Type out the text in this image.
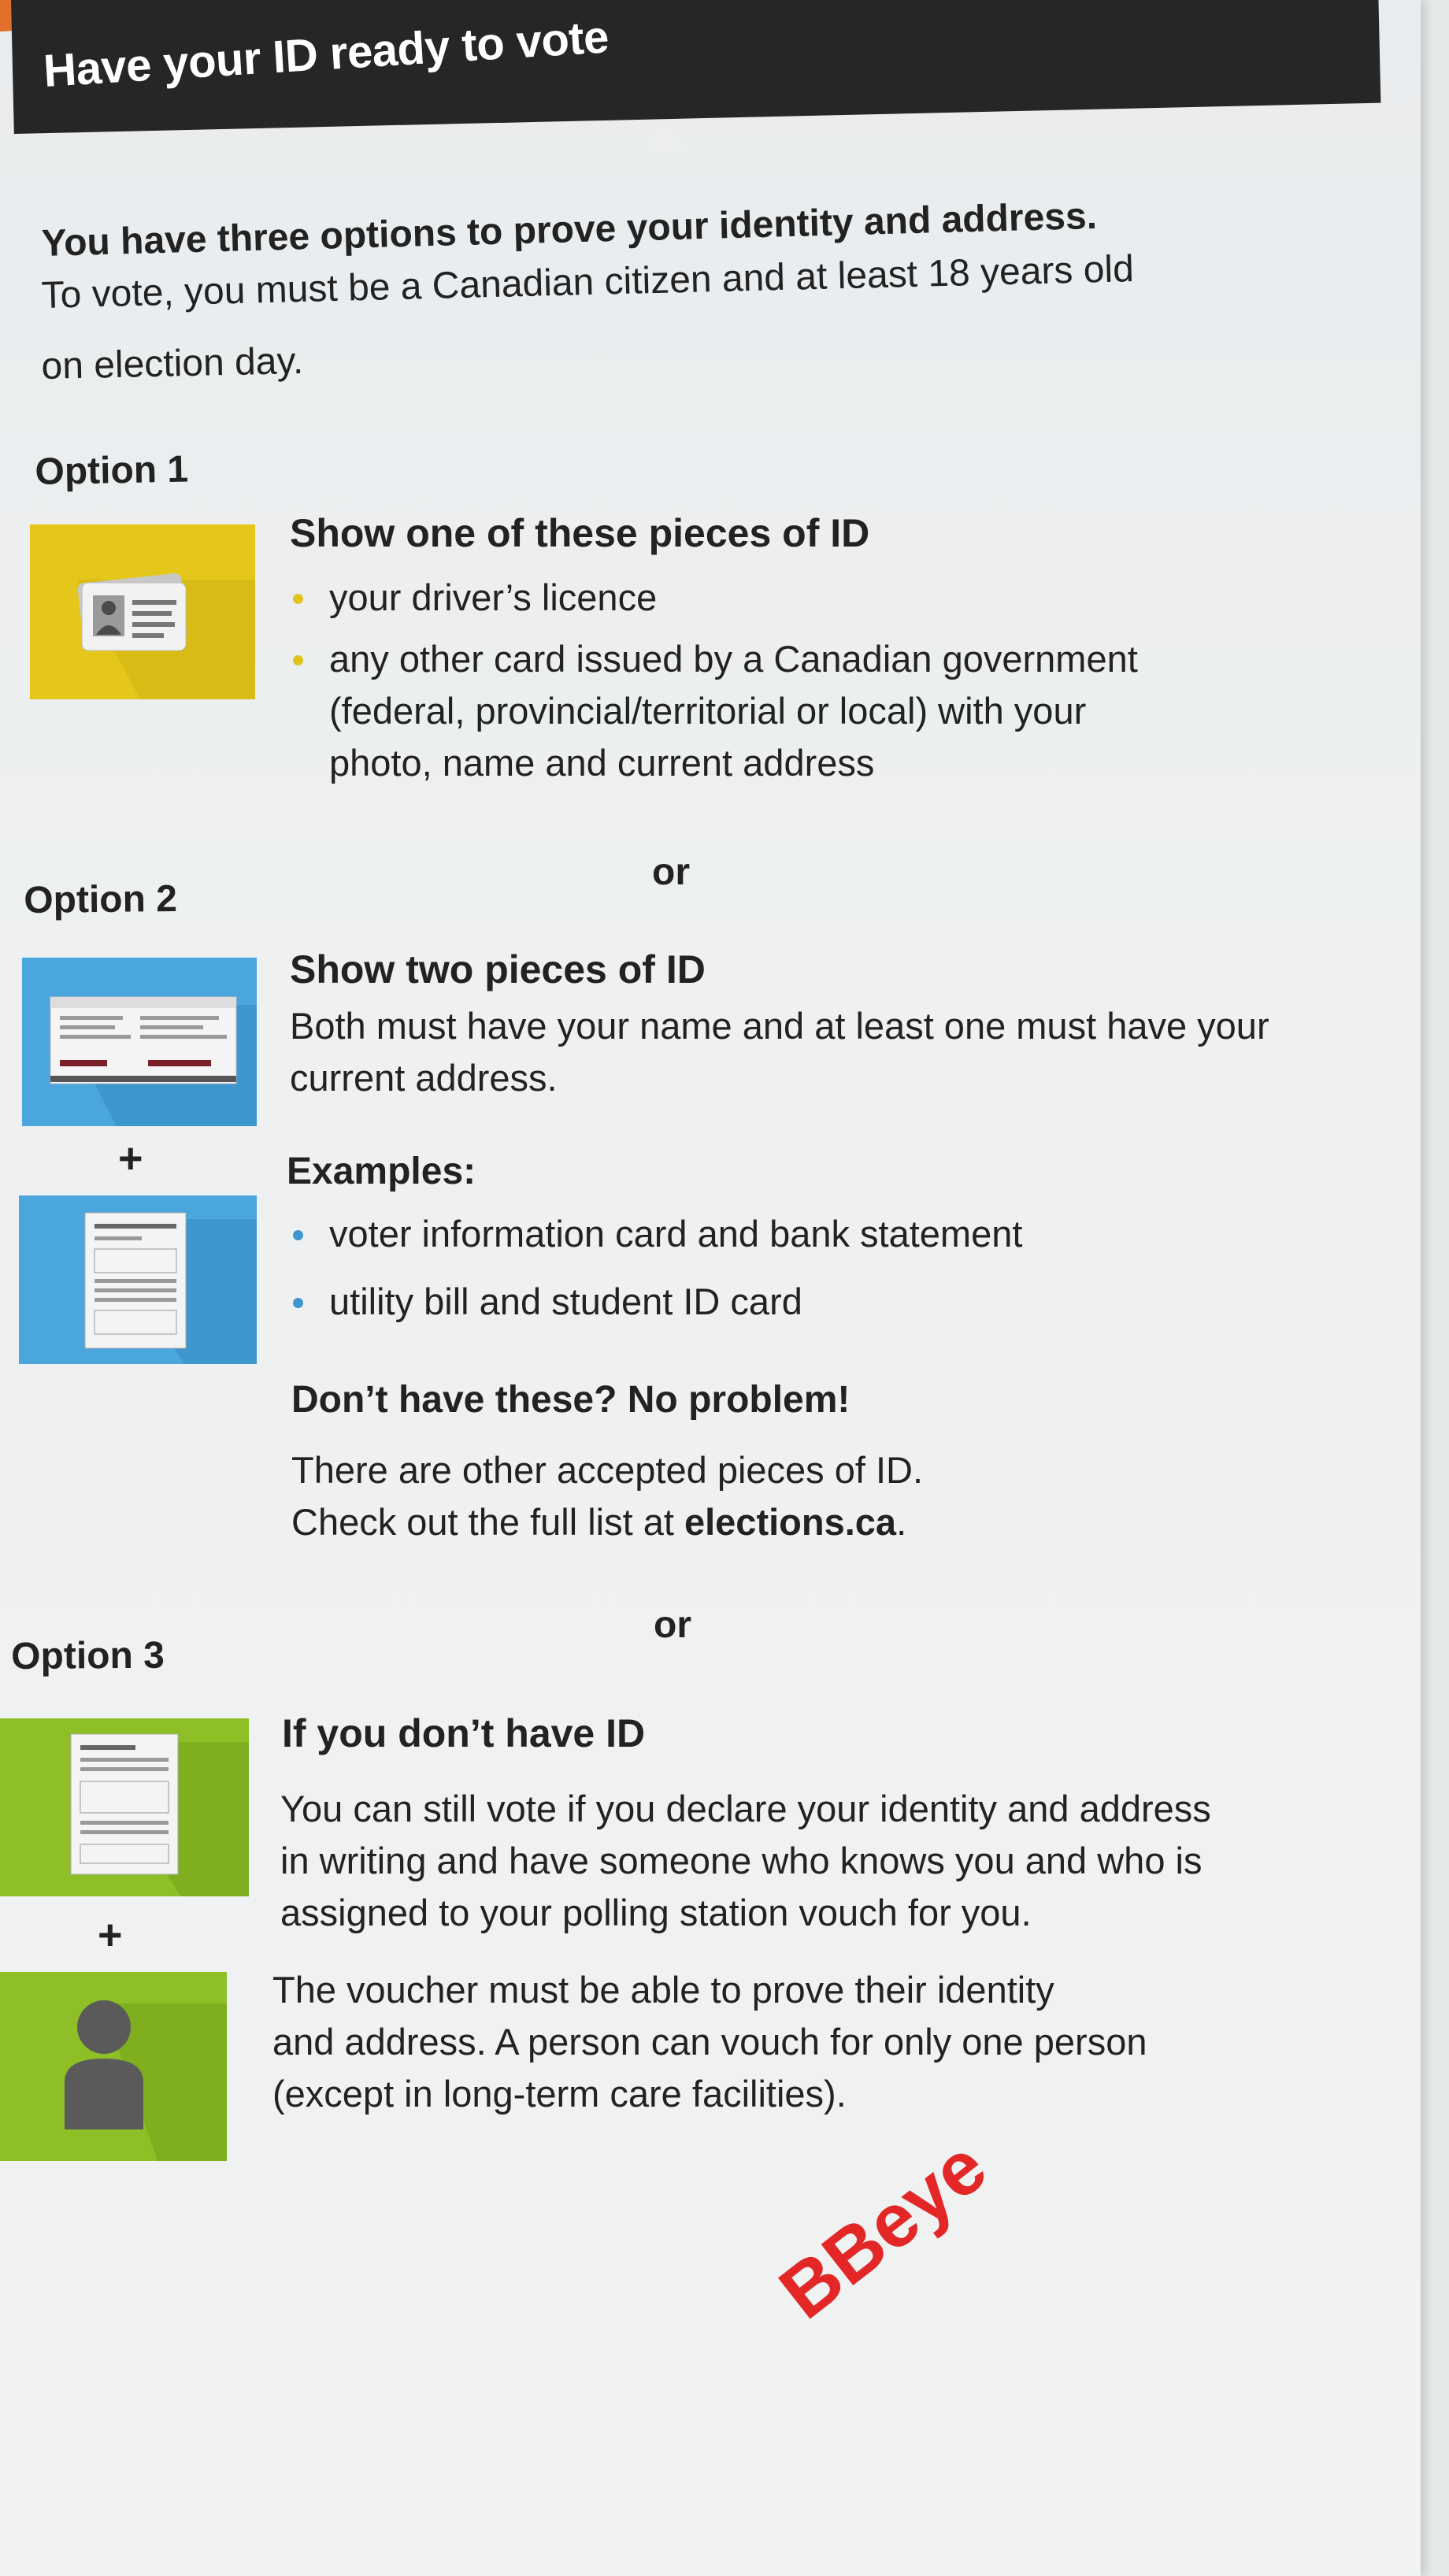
Have your ID ready to vote
You have three options to prove your identity and address.
To vote, you must be a Canadian citizen and at least 18 years old
on election day.
Option 1
Show one of these pieces of ID
your driver’s licence
any other card issued by a Canadian government
(federal, provincial/territorial or local) with your
photo, name and current address
or
Option 2
+
Show two pieces of ID
Both must have your name and at least one must have your
current address.
Examples:
voter information card and bank statement
utility bill and student ID card
Don’t have these? No problem!
There are other accepted pieces of ID.
Check out the full list at elections.ca.
or
Option 3
+
If you don’t have ID
You can still vote if you declare your identity and address
in writing and have someone who knows you and who is
assigned to your polling station vouch for you.
The voucher must be able to prove their identity
and address. A person can vouch for only one person
(except in long-term care facilities).
BBeye
